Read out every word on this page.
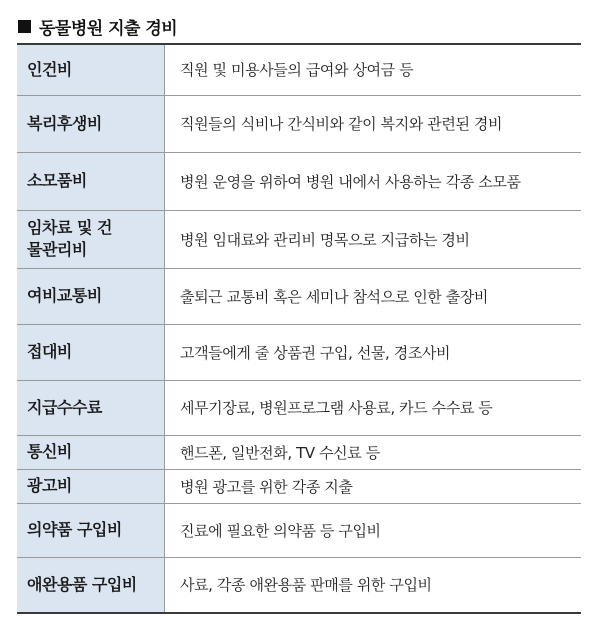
동물병원 지출 경비
인건비	직원 및 미용사들의 급여와 상여금 등
복리후생비	직원들의 식비나 간식비와 같이 복지와 관련된 경비
소모품비	병원 운영을 위하여 병원 내에서 사용하는 각종 소모품

임차료 및 건물관리비	병원 임대료와 관리비 명목으로 지급하는 경비
여비교통비	출퇴근 교통비 혹은 세미나 참석으로 인한 출장비
접대비	고객들에게 줄 상품권 구입, 선물, 경조사비
지급수수료	세무기장료, 병원프로그램 사용료, 카드 수수료 등
통신비	핸드폰, 일반전화, TV 수신료 등
광고비	병원 광고를 위한 각종 지출
의약품 구입비	진료에 필요한 의약품 등 구입비
애완용품 구입비	사료, 각종 애완용품 판매를 위한 구입비
